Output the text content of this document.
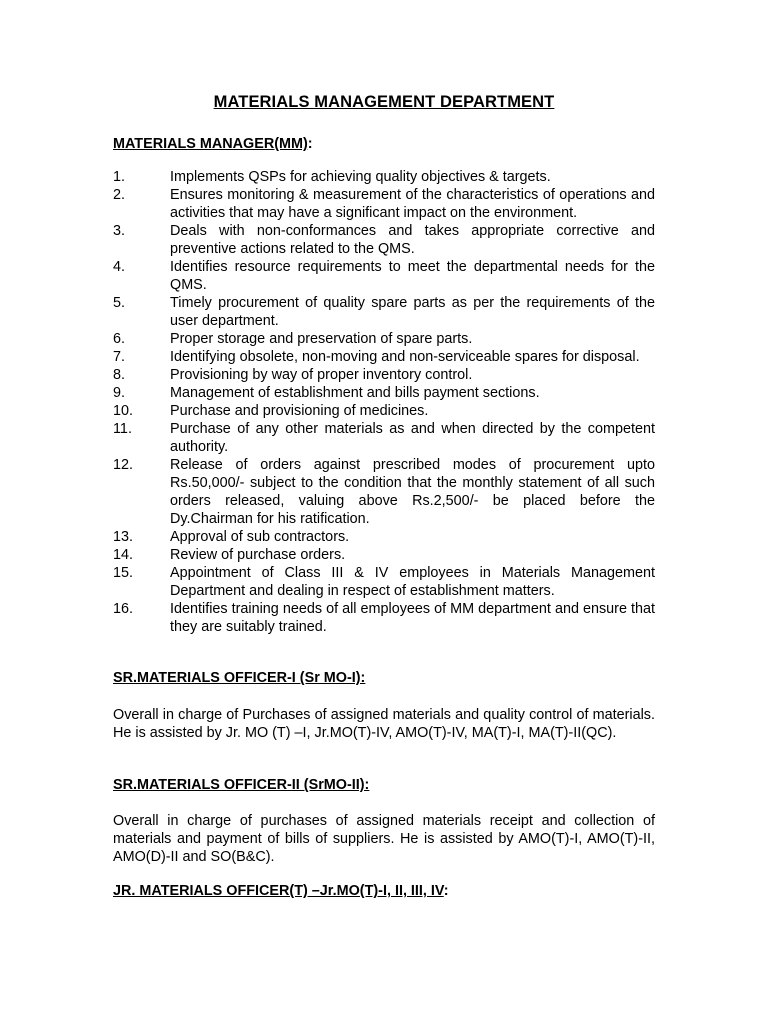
MATERIALS MANAGEMENT DEPARTMENT
MATERIALS MANAGER(MM):
1.	Implements QSPs for achieving quality objectives & targets.
2.	Ensures monitoring & measurement of the characteristics of operations and activities that may have a significant impact on the environment.
3.	Deals with non-conformances and takes appropriate corrective and preventive actions related to the QMS.
4.	Identifies resource requirements to meet the departmental needs for the QMS.
5.	Timely procurement of quality spare parts as per the requirements of the user department.
6.	Proper storage and preservation of spare parts.
7.	Identifying obsolete, non-moving and non-serviceable spares for disposal.
8.	Provisioning by way of proper inventory control.
9.	Management of establishment and bills payment sections.
10.	Purchase and provisioning of medicines.
11.	Purchase of any other materials as and when directed by the competent authority.
12.	Release of orders against prescribed modes of procurement upto Rs.50,000/- subject to the condition that the monthly statement of all such orders released, valuing above Rs.2,500/- be placed before the Dy.Chairman for his ratification.
13.	Approval of sub contractors.
14.	Review of purchase orders.
15.	Appointment of Class III & IV employees in Materials Management Department and dealing in respect of establishment matters.
16.	Identifies training needs of all employees of MM department and ensure that they are suitably trained.
SR.MATERIALS OFFICER-I (Sr MO-I):

Overall in charge of Purchases of assigned materials and quality control of materials. He is assisted by Jr. MO (T) –I, Jr.MO(T)-IV, AMO(T)-IV, MA(T)-I, MA(T)-II(QC).

SR.MATERIALS OFFICER-II (SrMO-II):

Overall in charge of purchases of assigned materials receipt and collection of materials and payment of bills of suppliers. He is assisted by AMO(T)-I, AMO(T)-II, AMO(D)-II and SO(B&C).

JR. MATERIALS OFFICER(T) –Jr.MO(T)-I, II, III, IV:
